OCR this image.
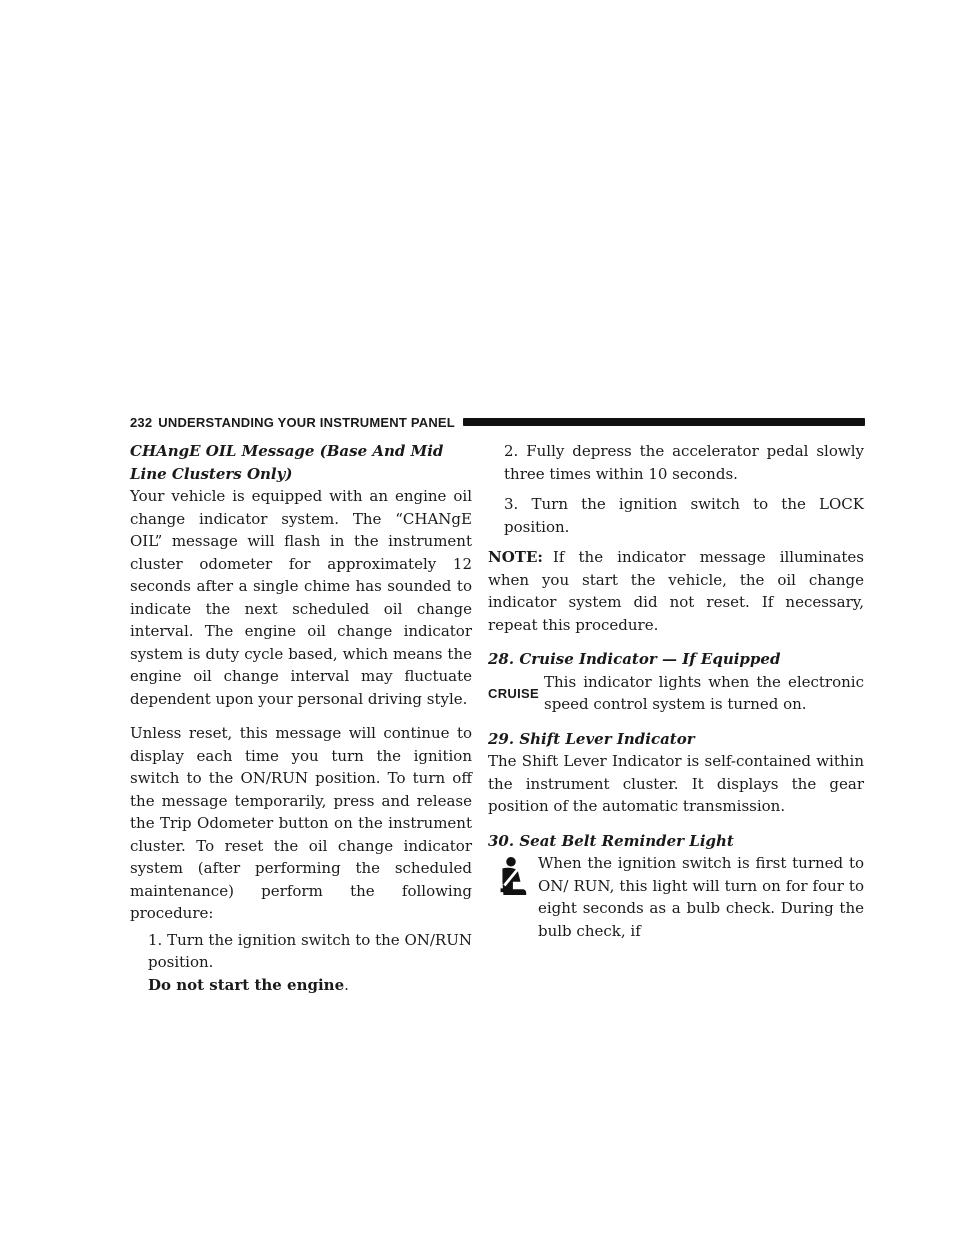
232 UNDERSTANDING YOUR INSTRUMENT PANEL
CHAngE OIL Message (Base And Mid Line Clusters Only)

Your vehicle is equipped with an engine oil change indicator system. The “CHANgE OIL” message will flash in the instrument cluster odometer for approximately 12 seconds after a single chime has sounded to indicate the next scheduled oil change interval. The engine oil change indicator system is duty cycle based, which means the engine oil change interval may fluctuate dependent upon your personal driving style.

Unless reset, this message will continue to display each time you turn the ignition switch to the ON/RUN position. To turn off the message temporarily, press and release the Trip Odometer button on the instrument cluster. To reset the oil change indicator system (after performing the scheduled maintenance) perform the following procedure:

1. Turn the ignition switch to the ON/RUN position.

Do not start the engine.

2. Fully depress the accelerator pedal slowly three times within 10 seconds.

3. Turn the ignition switch to the LOCK position.

NOTE: If the indicator message illuminates when you start the vehicle, the oil change indicator system did not reset. If necessary, repeat this procedure.

28. Cruise Indicator — If Equipped
CRUISE
This indicator lights when the electronic speed control system is turned on.
29. Shift Lever Indicator

The Shift Lever Indicator is self-contained within the instrument cluster. It displays the gear position of the automatic transmission.

30. Seat Belt Reminder Light
When the ignition switch is first turned to ON/ RUN, this light will turn on for four to eight seconds as a bulb check. During the bulb check, if
